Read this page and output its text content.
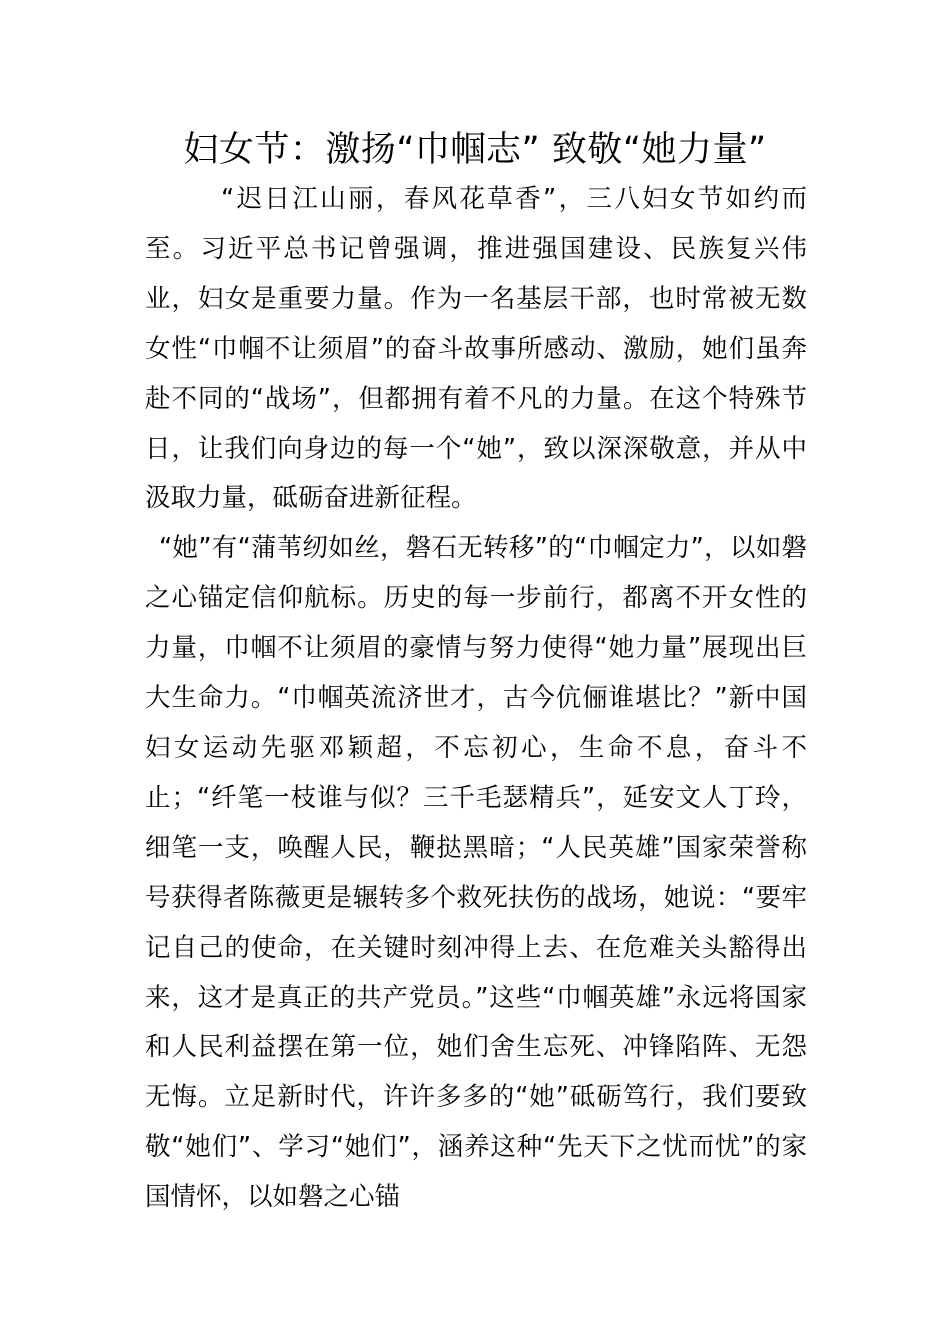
妇女节：激扬“巾帼志” 致敬“她力量”

“迟日江山丽，春风花草香”，三八妇女节如约而至。习近平总书记曾强调，推进强国建设、民族复兴伟业，妇女是重要力量。作为一名基层干部，也时常被无数女性“巾帼不让须眉”的奋斗故事所感动、激励，她们虽奔赴不同的“战场”，但都拥有着不凡的力量。在这个特殊节日，让我们向身边的每一个“她”，致以深深敬意，并从中汲取力量，砥砺奋进新征程。

“她”有“蒲苇纫如丝，磐石无转移”的“巾帼定力”，以如磐之心锚定信仰航标。历史的每一步前行，都离不开女性的力量，巾帼不让须眉的豪情与努力使得“她力量”展现出巨大生命力。“巾帼英流济世才，古今伉俪谁堪比？”新中国妇女运动先驱邓颖超，不忘初心，生命不息，奋斗不止；“纤笔一枝谁与似？三千毛瑟精兵”，延安文人丁玲，细笔一支，唤醒人民，鞭挞黑暗；“人民英雄”国家荣誉称号获得者陈薇更是辗转多个救死扶伤的战场，她说：“要牢记自己的使命，在关键时刻冲得上去、在危难关头豁得出来，这才是真正的共产党员。”这些“巾帼英雄”永远将国家和人民利益摆在第一位，她们舍生忘死、冲锋陷阵、无怨无悔。立足新时代，许许多多的“她”砥砺笃行，我们要致敬“她们”、学习“她们”，涵养这种“先天下之忧而忧”的家国情怀，以如磐之心锚
